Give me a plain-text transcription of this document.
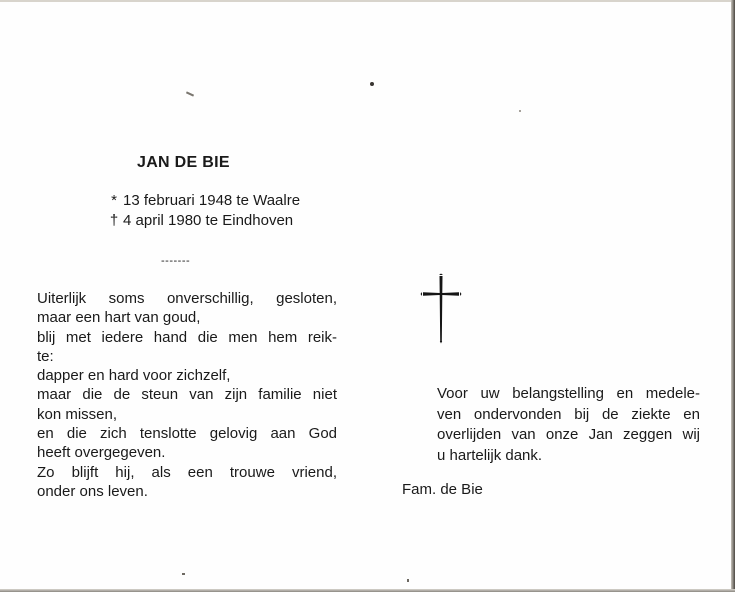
JAN DE BIE
* 13 februari 1948 te Waalre
† 4 april 1980 te Eindhoven
-------
Uiterlijk soms onverschillig, gesloten,
maar een hart van goud,
blij met iedere hand die men hem reik-
te:
dapper en hard voor zichzelf,
maar die de steun van zijn familie niet
kon missen,
en die zich tenslotte gelovig aan God
heeft overgegeven.
Zo blijft hij, als een trouwe vriend,
onder ons leven.
Voor uw belangstelling en medele-
ven ondervonden bij de ziekte en
overlijden van onze Jan zeggen wij
u hartelijk dank.
Fam. de Bie
